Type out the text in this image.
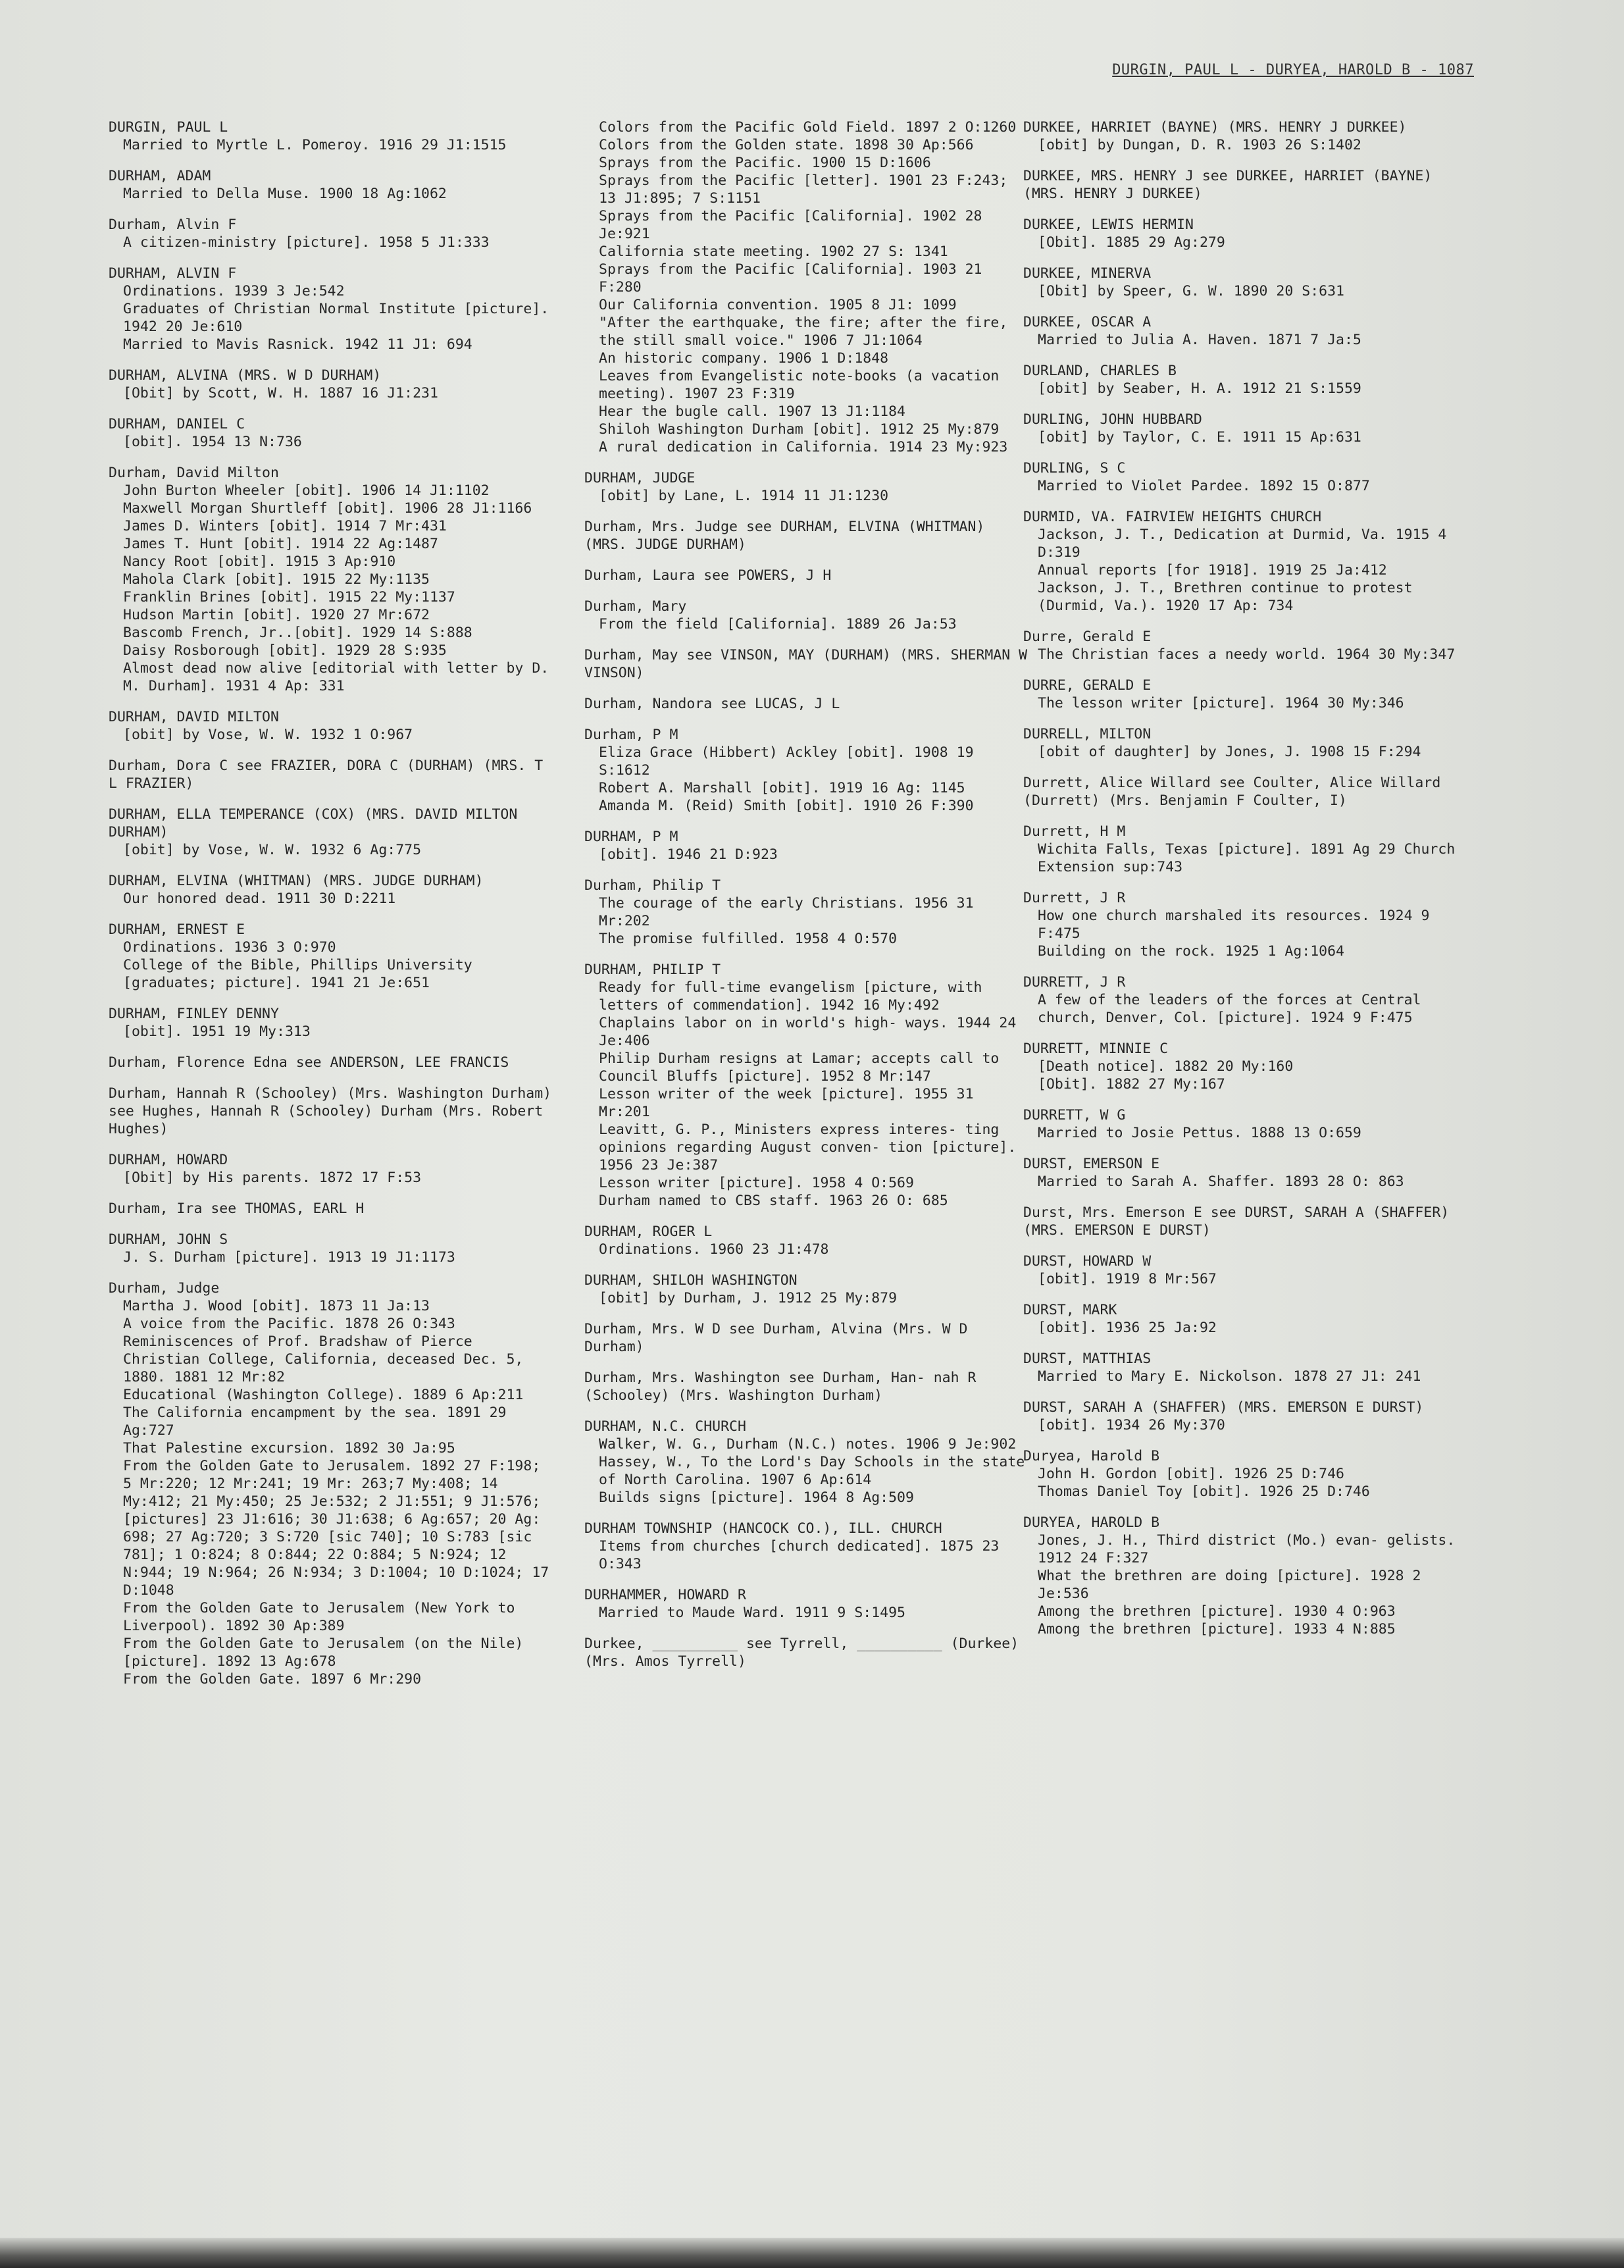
DURGIN, PAUL L - DURYEA, HAROLD B - 1087
DURGIN, PAUL L
Married to Myrtle L. Pomeroy. 1916 29 J1:1515
DURHAM, ADAM
Married to Della Muse. 1900 18 Ag:1062
Durham, Alvin F
A citizen-ministry [picture]. 1958 5 J1:333
DURHAM, ALVIN F
Ordinations. 1939 3 Je:542
Graduates of Christian Normal Institute [picture]. 1942 20 Je:610
Married to Mavis Rasnick. 1942 11 J1: 694
DURHAM, ALVINA (MRS. W D DURHAM)
[Obit] by Scott, W. H. 1887 16 J1:231
DURHAM, DANIEL C
[obit]. 1954 13 N:736
Durham, David Milton
John Burton Wheeler [obit]. 1906 14 J1:1102
Maxwell Morgan Shurtleff [obit]. 1906 28 J1:1166
James D. Winters [obit]. 1914 7 Mr:431
James T. Hunt [obit]. 1914 22 Ag:1487
Nancy Root [obit]. 1915 3 Ap:910
Mahola Clark [obit]. 1915 22 My:1135
Franklin Brines [obit]. 1915 22 My:1137
Hudson Martin [obit]. 1920 27 Mr:672
Bascomb French, Jr..[obit]. 1929 14 S:888
Daisy Rosborough [obit]. 1929 28 S:935
Almost dead now alive [editorial with letter by D. M. Durham]. 1931 4 Ap: 331
DURHAM, DAVID MILTON
[obit] by Vose, W. W. 1932 1 O:967
Durham, Dora C see FRAZIER, DORA C (DURHAM) (MRS. T L FRAZIER)
DURHAM, ELLA TEMPERANCE (COX) (MRS. DAVID MILTON DURHAM)
[obit] by Vose, W. W. 1932 6 Ag:775
DURHAM, ELVINA (WHITMAN) (MRS. JUDGE DURHAM)
Our honored dead. 1911 30 D:2211
DURHAM, ERNEST E
Ordinations. 1936 3 O:970
College of the Bible, Phillips University [graduates; picture]. 1941 21 Je:651
DURHAM, FINLEY DENNY
[obit]. 1951 19 My:313
Durham, Florence Edna see ANDERSON, LEE FRANCIS
Durham, Hannah R (Schooley) (Mrs. Washington Durham) see Hughes, Hannah R (Schooley) Durham (Mrs. Robert Hughes)
DURHAM, HOWARD
[Obit] by His parents. 1872 17 F:53
Durham, Ira see THOMAS, EARL H
DURHAM, JOHN S
J. S. Durham [picture]. 1913 19 J1:1173
Durham, Judge
Martha J. Wood [obit]. 1873 11 Ja:13
A voice from the Pacific. 1878 26 O:343
Reminiscences of Prof. Bradshaw of Pierce Christian College, California, deceased Dec. 5, 1880. 1881 12 Mr:82
Educational (Washington College). 1889 6 Ap:211
The California encampment by the sea. 1891 29 Ag:727
That Palestine excursion. 1892 30 Ja:95
From the Golden Gate to Jerusalem. 1892 27 F:198; 5 Mr:220; 12 Mr:241; 19 Mr: 263;7 My:408; 14 My:412; 21 My:450; 25 Je:532; 2 J1:551; 9 J1:576; [pictures] 23 J1:616; 30 J1:638; 6 Ag:657; 20 Ag: 698; 27 Ag:720; 3 S:720 [sic 740]; 10 S:783 [sic 781]; 1 O:824; 8 O:844; 22 O:884; 5 N:924; 12 N:944; 19 N:964; 26 N:934; 3 D:1004; 10 D:1024; 17 D:1048
From the Golden Gate to Jerusalem (New York to Liverpool). 1892 30 Ap:389
From the Golden Gate to Jerusalem (on the Nile) [picture]. 1892 13 Ag:678
From the Golden Gate. 1897 6 Mr:290
Colors from the Pacific Gold Field. 1897 2 O:1260
Colors from the Golden state. 1898 30 Ap:566
Sprays from the Pacific. 1900 15 D:1606
Sprays from the Pacific [letter]. 1901 23 F:243; 13 J1:895; 7 S:1151
Sprays from the Pacific [California]. 1902 28 Je:921
California state meeting. 1902 27 S: 1341
Sprays from the Pacific [California]. 1903 21 F:280
Our California convention. 1905 8 J1: 1099
"After the earthquake, the fire; after the fire, the still small voice." 1906 7 J1:1064
An historic company. 1906 1 D:1848
Leaves from Evangelistic note-books (a vacation meeting). 1907 23 F:319
Hear the bugle call. 1907 13 J1:1184
Shiloh Washington Durham [obit]. 1912 25 My:879
A rural dedication in California. 1914 23 My:923
DURHAM, JUDGE
[obit] by Lane, L. 1914 11 J1:1230
Durham, Mrs. Judge see DURHAM, ELVINA (WHITMAN) (MRS. JUDGE DURHAM)
Durham, Laura see POWERS, J H
Durham, Mary
From the field [California]. 1889 26 Ja:53
Durham, May see VINSON, MAY (DURHAM) (MRS. SHERMAN W VINSON)
Durham, Nandora see LUCAS, J L
Durham, P M
Eliza Grace (Hibbert) Ackley [obit]. 1908 19 S:1612
Robert A. Marshall [obit]. 1919 16 Ag: 1145
Amanda M. (Reid) Smith [obit]. 1910 26 F:390
DURHAM, P M
[obit]. 1946 21 D:923
Durham, Philip T
The courage of the early Christians. 1956 31 Mr:202
The promise fulfilled. 1958 4 O:570
DURHAM, PHILIP T
Ready for full-time evangelism [picture, with letters of commendation]. 1942 16 My:492
Chaplains labor on in world's high- ways. 1944 24 Je:406
Philip Durham resigns at Lamar; accepts call to Council Bluffs [picture]. 1952 8 Mr:147
Lesson writer of the week [picture]. 1955 31 Mr:201
Leavitt, G. P., Ministers express interes- ting opinions regarding August conven- tion [picture]. 1956 23 Je:387
Lesson writer [picture]. 1958 4 O:569
Durham named to CBS staff. 1963 26 O: 685
DURHAM, ROGER L
Ordinations. 1960 23 J1:478
DURHAM, SHILOH WASHINGTON
[obit] by Durham, J. 1912 25 My:879
Durham, Mrs. W D see Durham, Alvina (Mrs. W D Durham)
Durham, Mrs. Washington see Durham, Han- nah R (Schooley) (Mrs. Washington Durham)
DURHAM, N.C. CHURCH
Walker, W. G., Durham (N.C.) notes. 1906 9 Je:902
Hassey, W., To the Lord's Day Schools in the state of North Carolina. 1907 6 Ap:614
Builds signs [picture]. 1964 8 Ag:509
DURHAM TOWNSHIP (HANCOCK CO.), ILL. CHURCH
Items from churches [church dedicated]. 1875 23 O:343
DURHAMMER, HOWARD R
Married to Maude Ward. 1911 9 S:1495
Durkee, __________ see Tyrrell, __________ (Durkee) (Mrs. Amos Tyrrell)
DURKEE, HARRIET (BAYNE) (MRS. HENRY J DURKEE)
[obit] by Dungan, D. R. 1903 26 S:1402
DURKEE, MRS. HENRY J see DURKEE, HARRIET (BAYNE) (MRS. HENRY J DURKEE)
DURKEE, LEWIS HERMIN
[Obit]. 1885 29 Ag:279
DURKEE, MINERVA
[Obit] by Speer, G. W. 1890 20 S:631
DURKEE, OSCAR A
Married to Julia A. Haven. 1871 7 Ja:5
DURLAND, CHARLES B
[obit] by Seaber, H. A. 1912 21 S:1559
DURLING, JOHN HUBBARD
[obit] by Taylor, C. E. 1911 15 Ap:631
DURLING, S C
Married to Violet Pardee. 1892 15 O:877
DURMID, VA. FAIRVIEW HEIGHTS CHURCH
Jackson, J. T., Dedication at Durmid, Va. 1915 4 D:319
Annual reports [for 1918]. 1919 25 Ja:412
Jackson, J. T., Brethren continue to protest (Durmid, Va.). 1920 17 Ap: 734
Durre, Gerald E
The Christian faces a needy world. 1964 30 My:347
DURRE, GERALD E
The lesson writer [picture]. 1964 30 My:346
DURRELL, MILTON
[obit of daughter] by Jones, J. 1908 15 F:294
Durrett, Alice Willard see Coulter, Alice Willard (Durrett) (Mrs. Benjamin F Coulter, I)
Durrett, H M
Wichita Falls, Texas [picture]. 1891 Ag 29 Church Extension sup:743
Durrett, J R
How one church marshaled its resources. 1924 9 F:475
Building on the rock. 1925 1 Ag:1064
DURRETT, J R
A few of the leaders of the forces at Central church, Denver, Col. [picture]. 1924 9 F:475
DURRETT, MINNIE C
[Death notice]. 1882 20 My:160
[Obit]. 1882 27 My:167
DURRETT, W G
Married to Josie Pettus. 1888 13 O:659
DURST, EMERSON E
Married to Sarah A. Shaffer. 1893 28 O: 863
Durst, Mrs. Emerson E see DURST, SARAH A (SHAFFER) (MRS. EMERSON E DURST)
DURST, HOWARD W
[obit]. 1919 8 Mr:567
DURST, MARK
[obit]. 1936 25 Ja:92
DURST, MATTHIAS
Married to Mary E. Nickolson. 1878 27 J1: 241
DURST, SARAH A (SHAFFER) (MRS. EMERSON E DURST)
[obit]. 1934 26 My:370
Duryea, Harold B
John H. Gordon [obit]. 1926 25 D:746
Thomas Daniel Toy [obit]. 1926 25 D:746
DURYEA, HAROLD B
Jones, J. H., Third district (Mo.) evan- gelists. 1912 24 F:327
What the brethren are doing [picture]. 1928 2 Je:536
Among the brethren [picture]. 1930 4 O:963
Among the brethren [picture]. 1933 4 N:885
